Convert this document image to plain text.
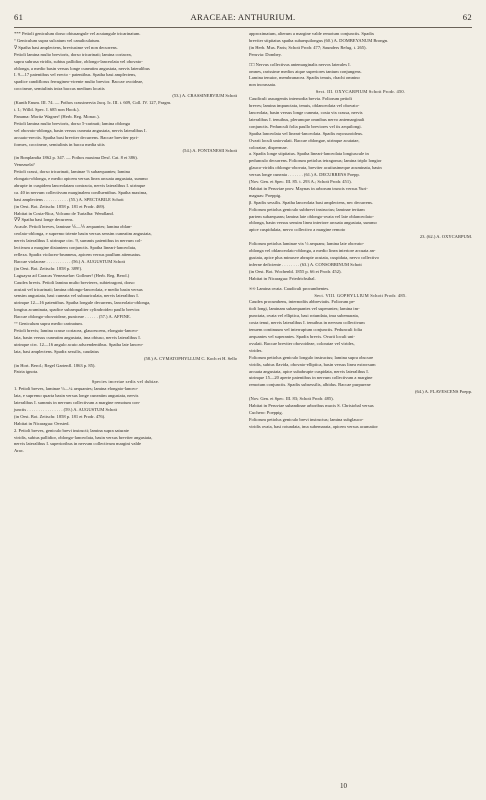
61	ARACEAE: ANTHURIUM.	62

*** Petioli geniculum dorso obtusangule vel acutangule tricarinatum.

° Geniculum supra sulcatum vel canaliculatum.

∇ Spatha basi amplectens, breviusime vel non decurrens.

Petioli lamina multo brevioris, dorso tricarinati; lamina coriacea,

supra subrasa viridis, subtus pallidior, oblongo-lanceolata vel obovato-

oblonga, a medio basin versus longe cuneatim angustata, nervis lateralibus

I. 9—17 patentibus vel erecto - patentibus. Spatha basi amplectens,

spadice candiflorus ferrugineo-virente multo brevior. Baccae ovoideae,

coccineae, semiulinis intra baccas medium locatis

(53.) A. CRASSINERVIUM Schott

(Kunth Enum. III. 74. — Pothos crassinervia Jacq. Ic. III. t. 609, Coll. IV. 127, Fragm.

t. I.; Willd. Spec. I. 685 non Hook.).

Panama: Moritz Wagner! (Herb. Reg. Monac.).

Petioli lamina multo brevioris, dorso 5-carinati; lamina oblonga

vel obovato-oblonga, basin versus cuneata angustata, nervis lateralibus I.

arcuato-erectis. Spatha basi breviter decurrens. Baccae breviter pyri-

formes, coccineae, semiulinis in bacca media sitis

(54.) A. FONTANESII Schott

(in Bonplandia 1862 p. 347. — Pothos maxima Desf. Cat. 8 et 386).

Venezuela?

Petioli crassi, dorso tricarinati, laminae ⅓ subaequantes; lamina

elongato-oblonga, e medio apicem versus linea arcuata angustata, summo

abrupte in cuspidem lanceolatam contracta, nervis lateralibus I. utrinque

ca. 40 in nervum collectivum marginalem confluentibus. Spatha maxima,

basi amplectens . . . . . . . . . . . (55.) A. SPECTABILE Schott

(in Oest. Bot. Zeitschr. 1858 p. 181 et Prodr. 469).

Habitat in Costa-Rica, Volcano de Turialba: Wendland.

∇∇ Spatha basi longe decurrens.

Acaule. Petioli breves, laminae ⅙—⅕ aequantes; lamina oblan-

ceolato-oblonga, e supremo triente basin versus sensim cuneatim angustata,

nervis lateralibus I. utrinque circ. 9, summis patentibus in nervum col-

lectivum a margine distantem conjunctis. Spatha lineari-lanceolata,

reflexa. Spadix violaceo-brunneus, apicem versus paullum attenuatus.

Baccae violaceae . . . . . . . . . . . (56.) A. AUGUSTUM Schott

(in Oest. Bot. Zeitschr. 1858 p. 389!).

Laguayra ad Caracas Venezuelae: Gollmer! (Herb. Reg. Berol.)

Caudex brevis. Petioli lamina multo brevieres, subtetragoni, dorso

acutati vel tricarinati; lamina oblongo-lanceolata, e medio basin versus

sensim angustata, basi cuneata vel subauriculata, nervis lateralibus I.

utrinque 12—16 patentibus. Spatha longule decurrens, lanceolato-oblonga,

longius acuminata, spadice subaequaliter cylindroideo paullo brevior.

Baccae oblongo-obovoideae, puniceae . . . . . . (57.) A. AFFINE.

°° Geniculum supra medio carinatum.

Petioli brevis; lamina crasse coriacea, glaucescens, elongato-lanceo-

lata, basin versus cuneatim angustata, ima obtuso, nervis lateralibus I.

utrinque circ. 12—16 angulo acuto adscendentibus. Spatha late lanceo-

lata, basi amplectens. Spadix sessilis, caudatus

(58.) A. CYMATOPHYLLUM C. Koch et H. Sello

(in Hort. Berol.; Regel Gartenfl. 1863 p. 85).

Patria ignota.

Species incertae sedis vel dubiae.

1. Petioli breves, laminae ⅓—¼ aequantes; lamina elongato-lanceo-

lata, e supremo quarta basin versus longe cuneatim angustata, nervis

lateralibus I. summis in nervum collectivum a margine remotum con-

junctis . . . . . . . . . . . . . . . . (59.) A. AUGUSTUM Schott

(in Oest. Bot. Zeitschr. 1858 p. 181 et Prodr. 476).

Habitat in Nicaragua: Oersted.

2. Petioli breves, geniculo brevi instructi; lamina supra saturate

viridis, subtus pallidior, oblongo-lanceolata, basin versus breviter angustata,

nervis lateralibus I. superioribus in nervum collectivum margini valde

Arac.

approximatum, alterum a margine valde remotum conjunctis. Spadix

breviter stipitatus spatha subaequilongus (60.) A. DOMBEYANUM Brongn.

(in Herb. Mus. Paris; Schott Prodr. 477; Saunders Refug. t. 265).

Peruvia: Dombey.

□□ Nervus collectivus antemarginalis nervos laterales I.

omnes, rarissime medios atque superiores tantum conjungens.

Lamina tenuior, membranacea. Spadix tenuis, rhachi omnino

non incrassata.

Sect. III. OXYCARPIUM Schott Prodr. 450.

Caudiculi assurgentis internodia brevia. Foliorum petioli

breves; lamina impunctata, tenuis, oblanceolata vel obovato-

lanceolata, basin versus longe cuneata, costa vix crassa, nervis

lateralibus I. tenuibus, plerumque omnibus nervo antemarginali

conjunctis. Pedunculi folia paullo breviores vel iis aequilongi.

Spatha lanceolata vel lineari-lanceolata. Spadix myosuroideus.

Ovarii loculi uniovulati. Baccae oblongae, utrinque acutatae,

coloratae, dispermae.

a. Spadix longe stipitatus. Spatha lineari-lanceolata longiuscule in

pedunculo decurrens. Foliorum petiolus tetragonus; lamina triplo longior

glauco-viridis oblongo-obovata, breviter acutiusimeque acuminata, basin

versus longe cuneata . . . . . . . (61.) A. DECURRENS Poepp.

(Nov. Gen. et Spec. III. 85. t. 293 A.; Schott Prodr. 451).

Habitat in Peruviae prov. Maynas in arborum truncis versus Yuri-

maguas: Poeppig.

β. Spadix sessilis. Spatha lanceolata basi amplectens, nec decurrens.

Foliorum petiolus geniculo subbrevi instructus; laminae tertiam

partem subaequans; lamina late oblongo-ovata vel late oblanceolato-

oblonga, basin versus sensim linea interiore arcuata angustata, summo

apice cuspidulata, nervo collectivo a margine remoto

23. (62.) A. OXYCARPUM.

Foliorum petiolus laminae vix ⅓ aequans; lamina late obovato-

oblonga vel oblanceolato-oblonga, a medio linea interiore arcuata an-

gustata, apice plus minusve abrupte acutata, cuspidata, nervo collectivo

inferne deficiente . . . . . . . . (63.) A. CONSOBRINUM Schott

(in Oest. Bot. Wochenbl. 1855 p. 66 et Prodr. 452).

Habitat in Nicaragua: Friedrichsthal.

∞∞ Lamina ovata. Caudiculi procumbentes.

Sect. VIII. GOPHYLLIUM Schott Prodr. 485.

Caudex procumbens, internodiis abbreviatis. Foliorum pe-

tioli longi, laminam subaequantes vel superantes; lamina im-

punctata, ovata vel elliptica, basi rotundata, ima subemarata,

costa tenui, nervis lateralibus I. tenuibus in nervum collectivum

tenuem continuum vel interruptum conjunctis. Pedunculi folia

aequantes vel superantes. Spadix brevis. Ovarii loculi uni-

ovulati. Baccae breviter obovoideae, coloratae vel virides,

virides.

Foliorum petiolus geniculo longulo instructus; lamina supra obscure

viridis, subtus flavida, obovato-elliptica, basin versus linea extrorsum

arcuata angustata, apice subabrupte cuspidata, nervis lateralibus I.

utrinque 15—20 aperte patentibus in nervum collectivum a margine

remotum conjunctis. Spadix subsessilis, albidus. Baccae purpureae

(64.) A. FLAVESCENS Poepp.

(Nov. Gen. et Spec. III. 83; Schott Prodr. 485).

Habitat in Peruviae subandinae arboribus mucis S. Christobal versus

Cuchero: Poeppig.

Foliorum petiolus geniculo brevi instructus; lamina subglauco-

viridis ovata, basi rotundata, ima subemarata, apicem versus acumatior

10
